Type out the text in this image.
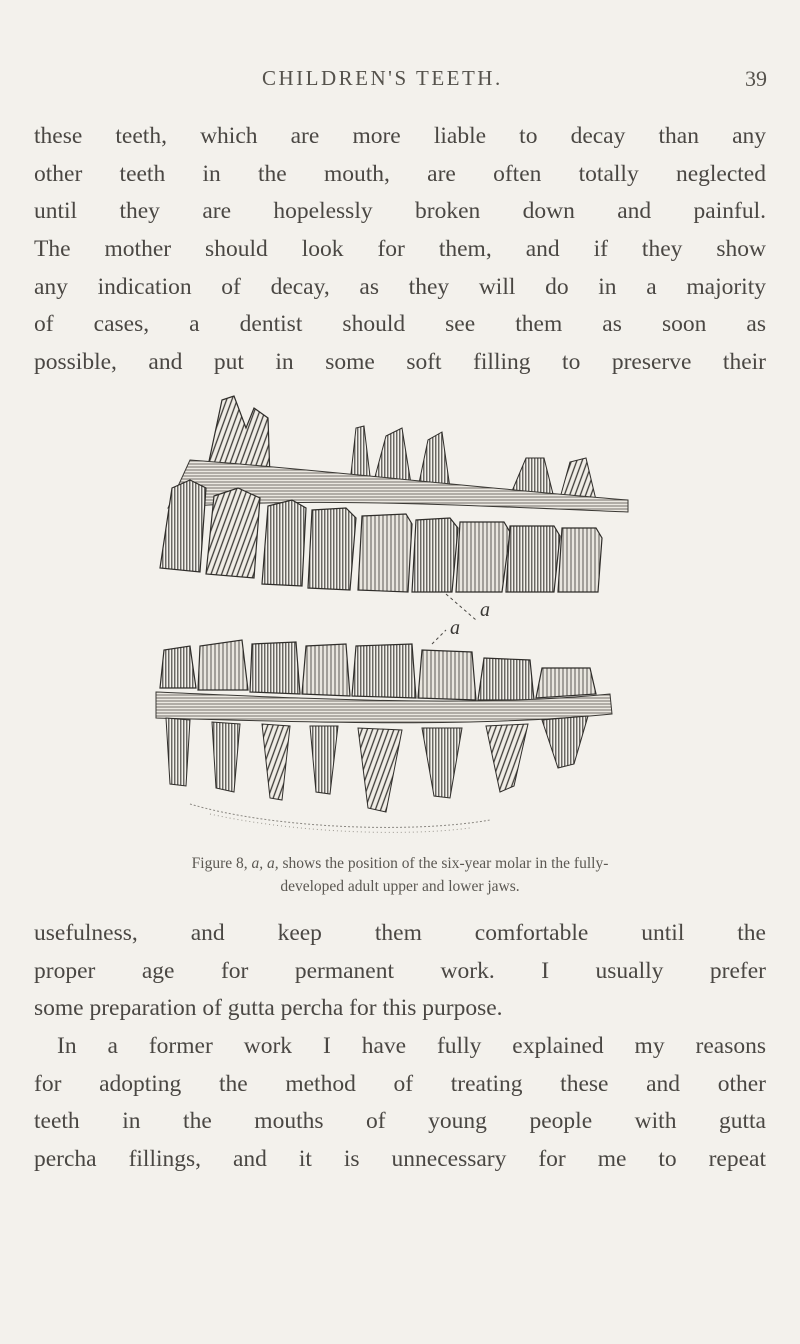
CHILDREN'S TEETH.	39
these teeth, which are more liable to decay than any
other teeth in the mouth, are often totally neglected
until they are hopelessly broken down and painful.
The mother should look for them, and if they show
any indication of decay, as they will do in a majority
of cases, a dentist should see them as soon as
possible, and put in some soft filling to preserve their
a
a
Figure 8, a, a, shows the position of the six-year molar in the fully-
developed adult upper and lower jaws.
usefulness, and keep them comfortable until the
proper age for permanent work. I usually prefer
some preparation of gutta percha for this purpose.
In a former work I have fully explained my reasons
for adopting the method of treating these and other
teeth in the mouths of young people with gutta
percha fillings, and it is unnecessary for me to repeat
